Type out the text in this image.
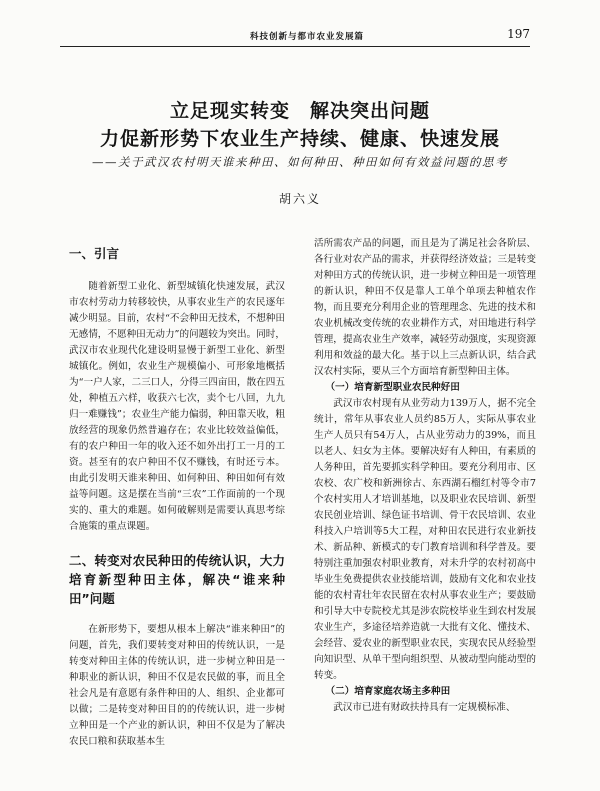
科技创新与都市农业发展篇	197
立足现实转变　解决突出问题
力促新形势下农业生产持续、健康、快速发展
——关于武汉农村明天谁来种田、如何种田、种田如何有效益问题的思考
胡六义
一、引言

随着新型工业化、新型城镇化快速发展，武汉市农村劳动力转移较快，从事农业生产的农民逐年减少明显。目前，农村“不会种田无技术，不想种田无感情，不愿种田无动力”的问题较为突出。同时，武汉市农业现代化建设明显慢于新型工业化、新型城镇化。例如，农业生产规模偏小、可形象地概括为“一户人家，二三口人，分得三四亩田，散在四五处，种植五六样，收获六七次，卖个七八回，九九归一难赚钱”；农业生产能力偏弱，种田靠天收，粗放经营的现象仍然普遍存在；农业比较效益偏低，有的农户种田一年的收入还不如外出打工一月的工资。甚至有的农户种田不仅不赚钱，有时还亏本。由此引发明天谁来种田、如何种田、种田如何有效益等问题。这是摆在当前“三农”工作面前的一个现实的、重大的难题。如何破解则是需要认真思考综合施策的重点课题。

二、转变对农民种田的传统认识，大力培育新型种田主体，解决“谁来种田”问题

在新形势下，要想从根本上解决“谁来种田”的问题，首先，我们要转变对种田的传统认识，一是转变对种田主体的传统认识，进一步树立种田是一种职业的新认识，种田不仅是农民做的事，而且全社会凡是有意愿有条件种田的人、组织、企业都可以做；二是转变对种田目的的传统认识，进一步树立种田是一个产业的新认识，种田不仅是为了解决农民口粮和获取基本生

活所需农产品的问题，而且是为了满足社会各阶层、各行业对农产品的需求，并获得经济效益；三是转变对种田方式的传统认识，进一步树立种田是一项管理的新认识，种田不仅是靠人工单个单项去种植农作物，而且要充分利用企业的管理理念、先进的技术和农业机械改变传统的农业耕作方式，对田地进行科学管理，提高农业生产效率，减轻劳动强度，实现资源利用和效益的最大化。基于以上三点新认识，结合武汉农村实际，要从三个方面培育新型种田主体。

（一）培育新型职业农民种好田

武汉市农村现有从业劳动力139万人，据不完全统计，常年从事农业人员约85万人，实际从事农业生产人员只有54万人，占从业劳动力的39%，而且以老人、妇女为主体。要解决好有人种田，有素质的人务种田，首先要抓实科学种田。要充分利用市、区农校、农广校和新洲徐古、东西湖石榴红村等令市7个农村实用人才培训基地，以及职业农民培训、新型农民创业培训、绿色证书培训、骨干农民培训、农业科技入户培训等5大工程，对种田农民进行农业新技术、新品种、新模式的专门教育培训和科学普及。要特别注重加强农村职业教育，对未升学的农村初高中毕业生免费提供农业技能培训，鼓励有文化和农业技能的农村青壮年农民留在农村从事农业生产；要鼓励和引导大中专院校尤其是涉农院校毕业生到农村发展农业生产，多途径培养造就一大批有文化、懂技术、会经营、爱农业的新型职业农民，实现农民从经验型向知识型、从单干型向组织型、从被动型向能动型的转变。

（二）培育家庭农场主多种田

武汉市已进有财政扶持具有一定规模标准、
